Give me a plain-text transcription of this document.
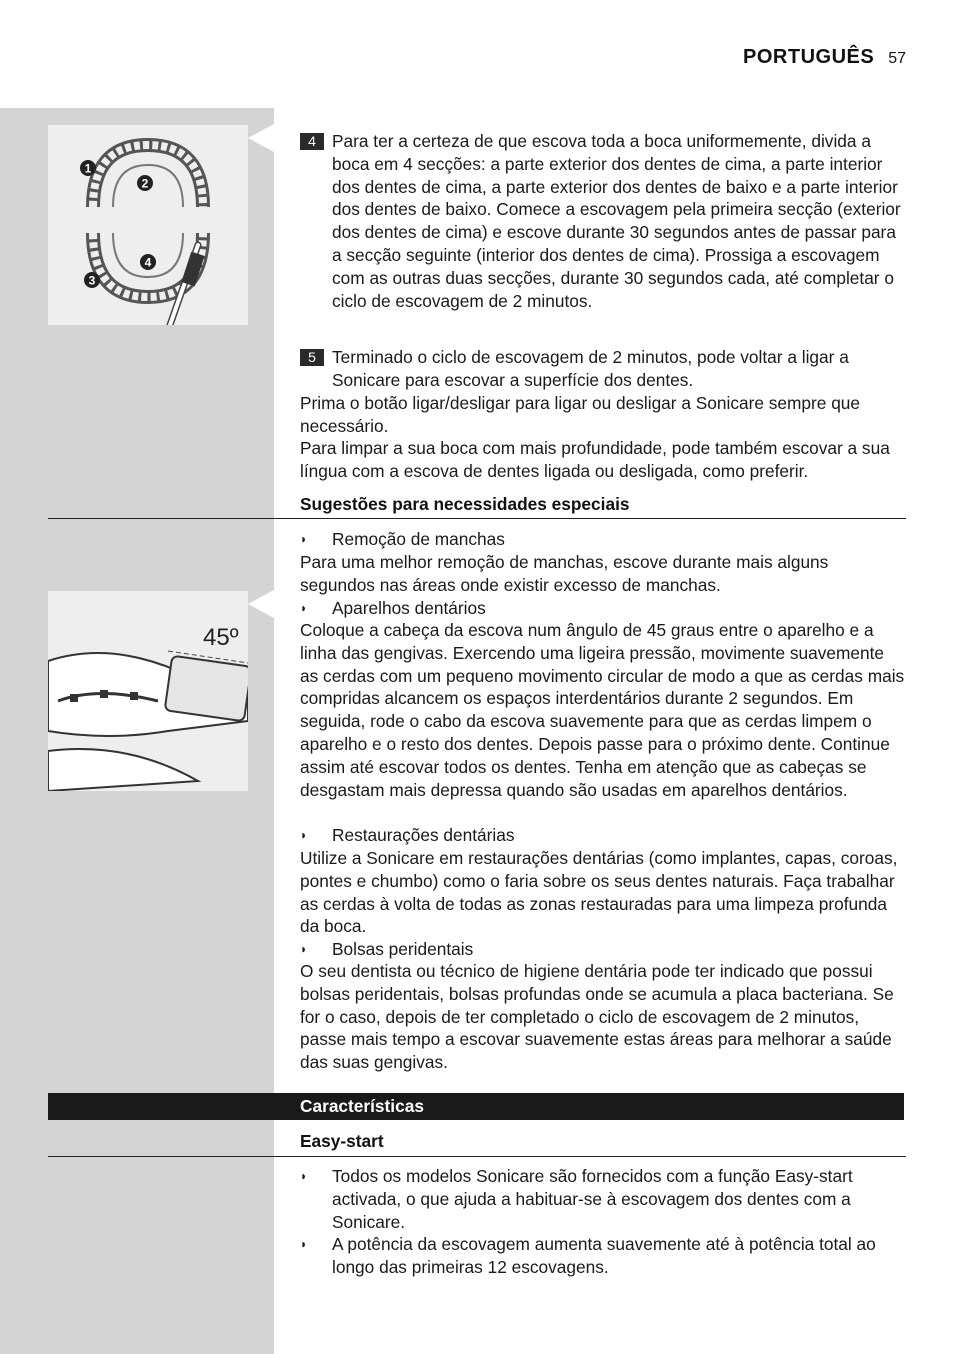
PORTUGUÊS 57
1
2
3
4
4 Para ter a certeza de que escova toda a boca uniformemente, divida a boca em 4 secções: a parte exterior dos dentes de cima, a parte interior dos dentes de cima, a parte exterior dos dentes de baixo e a parte interior dos dentes de baixo. Comece a escovagem pela primeira secção (exterior dos dentes de cima) e escove durante 30 segundos antes de passar para a secção seguinte (interior dos dentes de cima). Prossiga a escovagem com as outras duas secções, durante 30 segundos cada, até completar o ciclo de escovagem de 2 minutos.
5 Terminado o ciclo de escovagem de 2 minutos, pode voltar a ligar a Sonicare para escovar a superfície dos dentes.

Prima o botão ligar/desligar para ligar ou desligar a Sonicare sempre que necessário.

Para limpar a sua boca com mais profundidade, pode também escovar a sua língua com a escova de dentes ligada ou desligada, como preferir.

Sugestões para necessidades especiais
45º
◗	Remoção de manchas

Para uma melhor remoção de manchas, escove durante mais alguns segundos nas áreas onde existir excesso de manchas.

◗	Aparelhos dentários

Coloque a cabeça da escova num ângulo de 45 graus entre o aparelho e a linha das gengivas. Exercendo uma ligeira pressão, movimente suavemente as cerdas com um pequeno movimento circular de modo a que as cerdas mais compridas alcancem os espaços interdentários durante 2 segundos. Em seguida, rode o cabo da escova suavemente para que as cerdas limpem o aparelho e o resto dos dentes. Depois passe para o próximo dente. Continue assim até escovar todos os dentes. Tenha em atenção que as cabeças se desgastam mais depressa quando são usadas em aparelhos dentários.

◗	Restaurações dentárias

Utilize a Sonicare em restaurações dentárias (como implantes, capas, coroas, pontes e chumbo) como o faria sobre os seus dentes naturais. Faça trabalhar as cerdas à volta de todas as zonas restauradas para uma limpeza profunda da boca.

◗	Bolsas peridentais

O seu dentista ou técnico de higiene dentária pode ter indicado que possui bolsas peridentais, bolsas profundas onde se acumula a placa bacteriana. Se for o caso, depois de ter completado o ciclo de escovagem de 2 minutos, passe mais tempo a escovar suavemente estas áreas para melhorar a saúde das suas gengivas.

Características
Easy-start
◗	Todos os modelos Sonicare são fornecidos com a função Easy-start activada, o que ajuda a habituar-se à escovagem dos dentes com a Sonicare.
◗	A potência da escovagem aumenta suavemente até à potência total ao longo das primeiras 12 escovagens.
